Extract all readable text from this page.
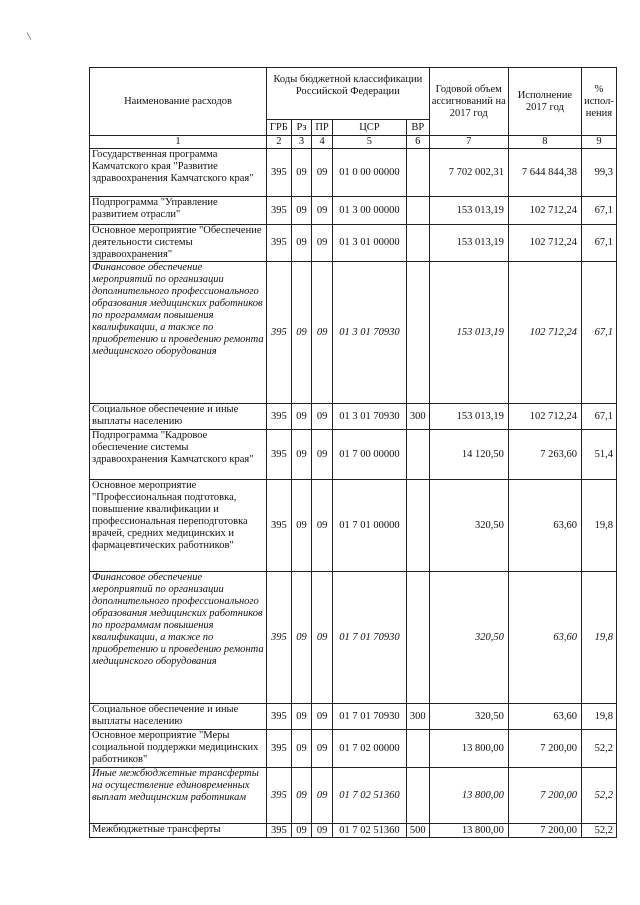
Наименование расходов	Коды бюджетной классификации Российской Федерации					Годовой объем ассигнований на 2017 год	Исполнение 2017 год	% испол-нения
	ГРБ	Рз	ПР	ЦСР	ВР			
1	2	3	4	5	6	7	8	9
Государственная программа Камчатского края "Развитие здравоохранения Камчатского края"	395	09	09	01 0 00 00000		7 702 002,31	7 644 844,38	99,3
Подпрограмма "Управление развитием отрасли"	395	09	09	01 3 00 00000		153 013,19	102 712,24	67,1
Основное мероприятие "Обеспечение деятельности системы здравоохранения"	395	09	09	01 3 01 00000		153 013,19	102 712,24	67,1
Финансовое обеспечение мероприятий по организации дополнительного профессионального образования медицинских работников по программам повышения квалификации, а также по приобретению и проведению ремонта медицинского оборудования	395	09	09	01 3 01 70930		153 013,19	102 712,24	67,1
Социальное обеспечение и иные выплаты населению	395	09	09	01 3 01 70930	300	153 013,19	102 712,24	67,1
Подпрограмма "Кадровое обеспечение системы здравоохранения Камчатского края"	395	09	09	01 7 00 00000		14 120,50	7 263,60	51,4
Основное мероприятие "Профессиональная подготовка, повышение квалификации и профессиональная переподготовка врачей, средних медицинских и фармацевтических работников"	395	09	09	01 7 01 00000		320,50	63,60	19,8
Финансовое обеспечение мероприятий по организации дополнительного профессионального образования медицинских работников по программам повышения квалификации, а также по приобретению и проведению ремонта медицинского оборудования	395	09	09	01 7 01 70930		320,50	63,60	19,8
Социальное обеспечение и иные выплаты населению	395	09	09	01 7 01 70930	300	320,50	63,60	19,8
Основное мероприятие "Меры социальной поддержки медицинских работников"	395	09	09	01 7 02 00000		13 800,00	7 200,00	52,2
Иные межбюджетные трансферты на осуществление единовременных выплат медицинским работникам	395	09	09	01 7 02 51360		13 800,00	7 200,00	52,2
Межбюджетные трансферты	395	09	09	01 7 02 51360	500	13 800,00	7 200,00	52,2
